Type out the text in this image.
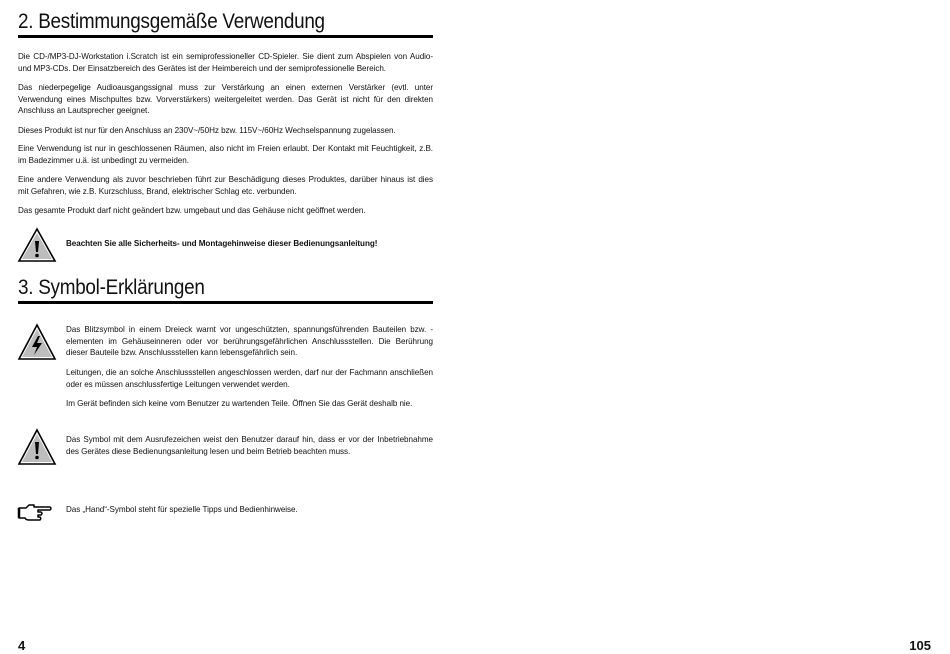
2. Bestimmungsgemäße Verwendung

Die CD-/MP3-DJ-Workstation i.Scratch ist ein semiprofessioneller CD-Spieler. Sie dient zum Abspielen von Audio- und MP3-CDs. Der Einsatzbereich des Gerätes ist der Heimbereich und der semiprofessionelle Bereich.

Das niederpegelige Audioausgangssignal muss zur Verstärkung an einen externen Verstärker (evtl. unter Verwendung eines Mischpultes bzw. Vorverstärkers) weitergeleitet werden. Das Gerät ist nicht für den direkten Anschluss an Lautsprecher geeignet.

Dieses Produkt ist nur für den Anschluss an 230V~/50Hz bzw. 115V~/60Hz Wechselspannung zugelassen.

Eine Verwendung ist nur in geschlossenen Räumen, also nicht im Freien erlaubt. Der Kontakt mit Feuchtigkeit, z.B. im Badezimmer u.ä. ist unbedingt zu vermeiden.

Eine andere Verwendung als zuvor beschrieben führt zur Beschädigung dieses Produktes, darüber hinaus ist dies mit Gefahren, wie z.B. Kurzschluss, Brand, elektrischer Schlag etc. verbunden.

Das gesamte Produkt darf nicht geändert bzw. umgebaut und das Gehäuse nicht geöffnet werden.

Beachten Sie alle Sicherheits- und Montagehinweise dieser Bedienungsanleitung!

3. Symbol-Erklärungen

Das Blitzsymbol in einem Dreieck warnt vor ungeschützten, spannungsführenden Bauteilen bzw. -elementen im Gehäuseinneren oder vor berührungsgefährlichen Anschlussstellen. Die Berührung dieser Bauteile bzw. Anschlussstellen kann lebensgefährlich sein.

Leitungen, die an solche Anschlussstellen angeschlossen werden, darf nur der Fachmann anschließen oder es müssen anschlussfertige Leitungen verwendet werden.

Im Gerät befinden sich keine vom Benutzer zu wartenden Teile. Öffnen Sie das Gerät deshalb nie.

Das Symbol mit dem Ausrufezeichen weist den Benutzer darauf hin, dass er vor der Inbetriebnahme des Gerätes diese Bedienungsanleitung lesen und beim Betrieb beachten muss.

Das „Hand“-Symbol steht für spezielle Tipps und Bedienhinweise.

4	105
